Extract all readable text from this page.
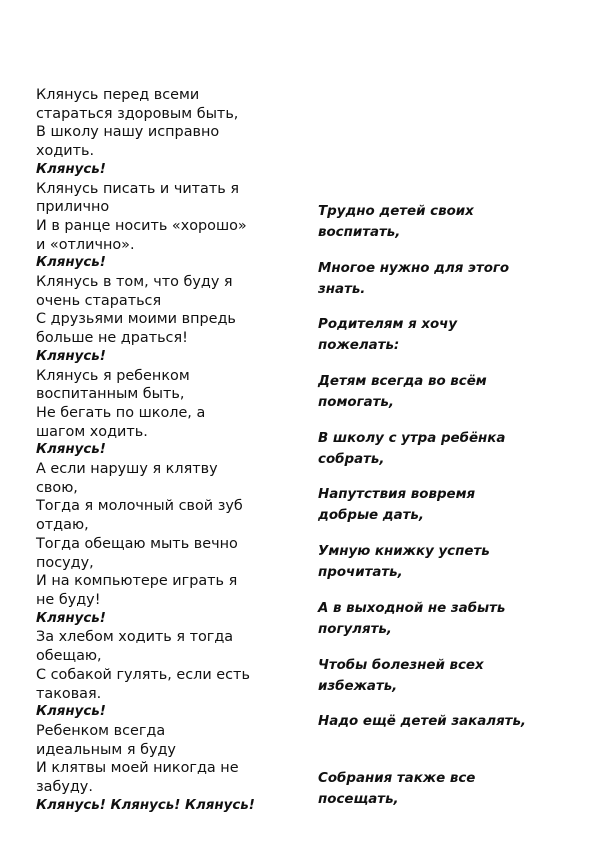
Клянусь перед всеми
стараться здоровым быть,
В школу нашу исправно
ходить.
Клянусь!
Клянусь писать и читать я
прилично
И в ранце носить «хорошо»
и «отлично».
Клянусь!
Клянусь в том, что буду я
очень стараться
С друзьями моими впредь
больше не драться!
Клянусь!
Клянусь я ребенком
воспитанным быть,
Не бегать по школе, а
шагом ходить.
Клянусь!
А если нарушу я клятву
свою,
Тогда я молочный свой зуб
отдаю,
Тогда обещаю мыть вечно
посуду,
И на компьютере играть я
не буду!
Клянусь!
За хлебом ходить я тогда
обещаю,
С собакой гулять, если есть
таковая.
Клянусь!
Ребенком всегда
идеальным я буду
И клятвы моей никогда не
забуду.
Клянусь! Клянусь! Клянусь!
Трудно детей своих
воспитать,
Многое нужно для этого
знать.
Родителям я хочу
пожелать:
Детям всегда во всём
помогать,
В школу с утра ребёнка
собрать,
Напутствия вовремя
добрые дать,
Умную книжку успеть
прочитать,
А в выходной не забыть
погулять,
Чтобы болезней всех
избежать,
Надо ещё детей закалять,
Собрания также все
посещать,
